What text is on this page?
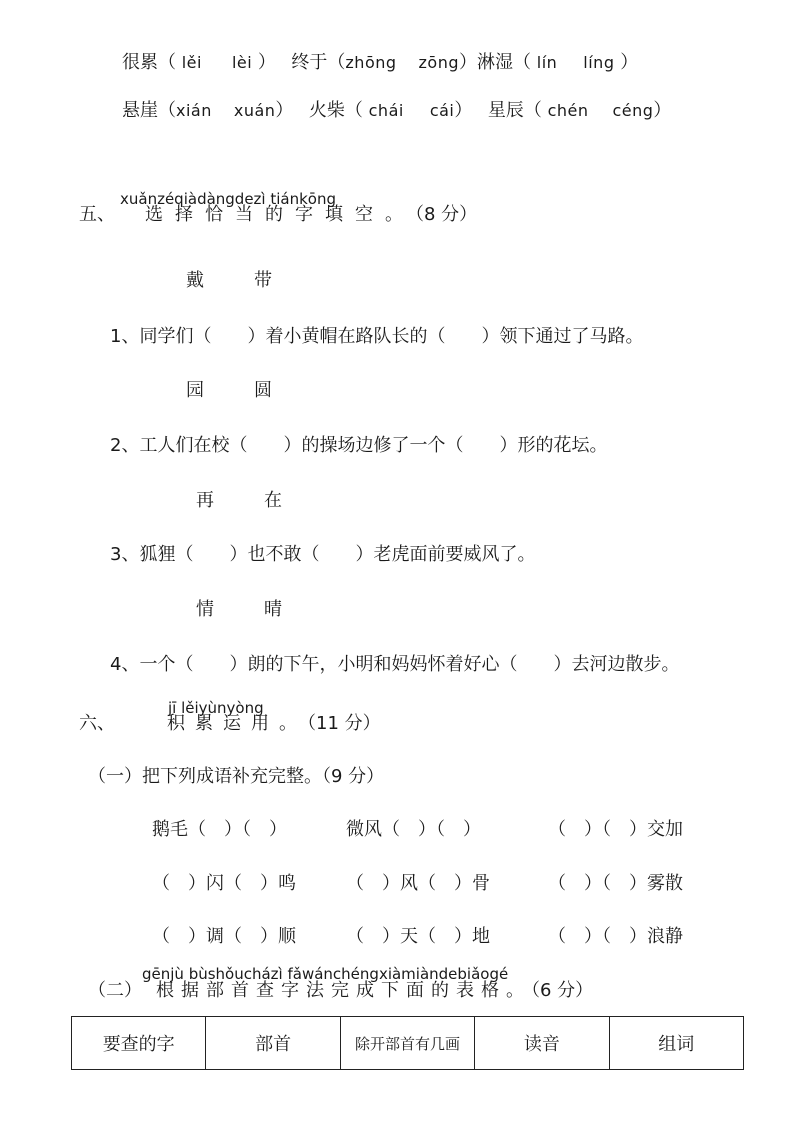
很累（ lěi lèi ） 终于（zhōng zōng）淋湿（ lín líng ）
悬崖（xián xuán） 火柴（ chái cái） 星辰（ chén céng）
xuǎnzéqiàdàngdezì tiánkōng
五、 选择恰当的字填空。（8 分）
戴	带
1、同学们（　　）着小黄帽在路队长的（　　）领下通过了马路。
园	圆
2、工人们在校（　　）的操场边修了一个（　　）形的花坛。
再	在
3、狐狸（　　）也不敢（　　）老虎面前要威风了。
情	晴
4、一个（　　）朗的下午，小明和妈妈怀着好心（　　）去河边散步。
jī lěiyùnyòng
六、	积累运用。（11 分）
（一）把下列成语补充完整。（9 分）
鹅毛（　）（　）	微风（　）（　）	（　）（　）交加
（　）闪（　）鸣	（　）风（　）骨	（　）（　）雾散
（　）调（　）顺	（　）天（　）地	（　）（　）浪静
gēnjù bùshǒucházì fǎwánchéngxiàmiàndebiǎogé
（二） 根据部首查字法完成下面的表格。（6 分）
要查的字	部首	除开部首有几画	读音	组词
